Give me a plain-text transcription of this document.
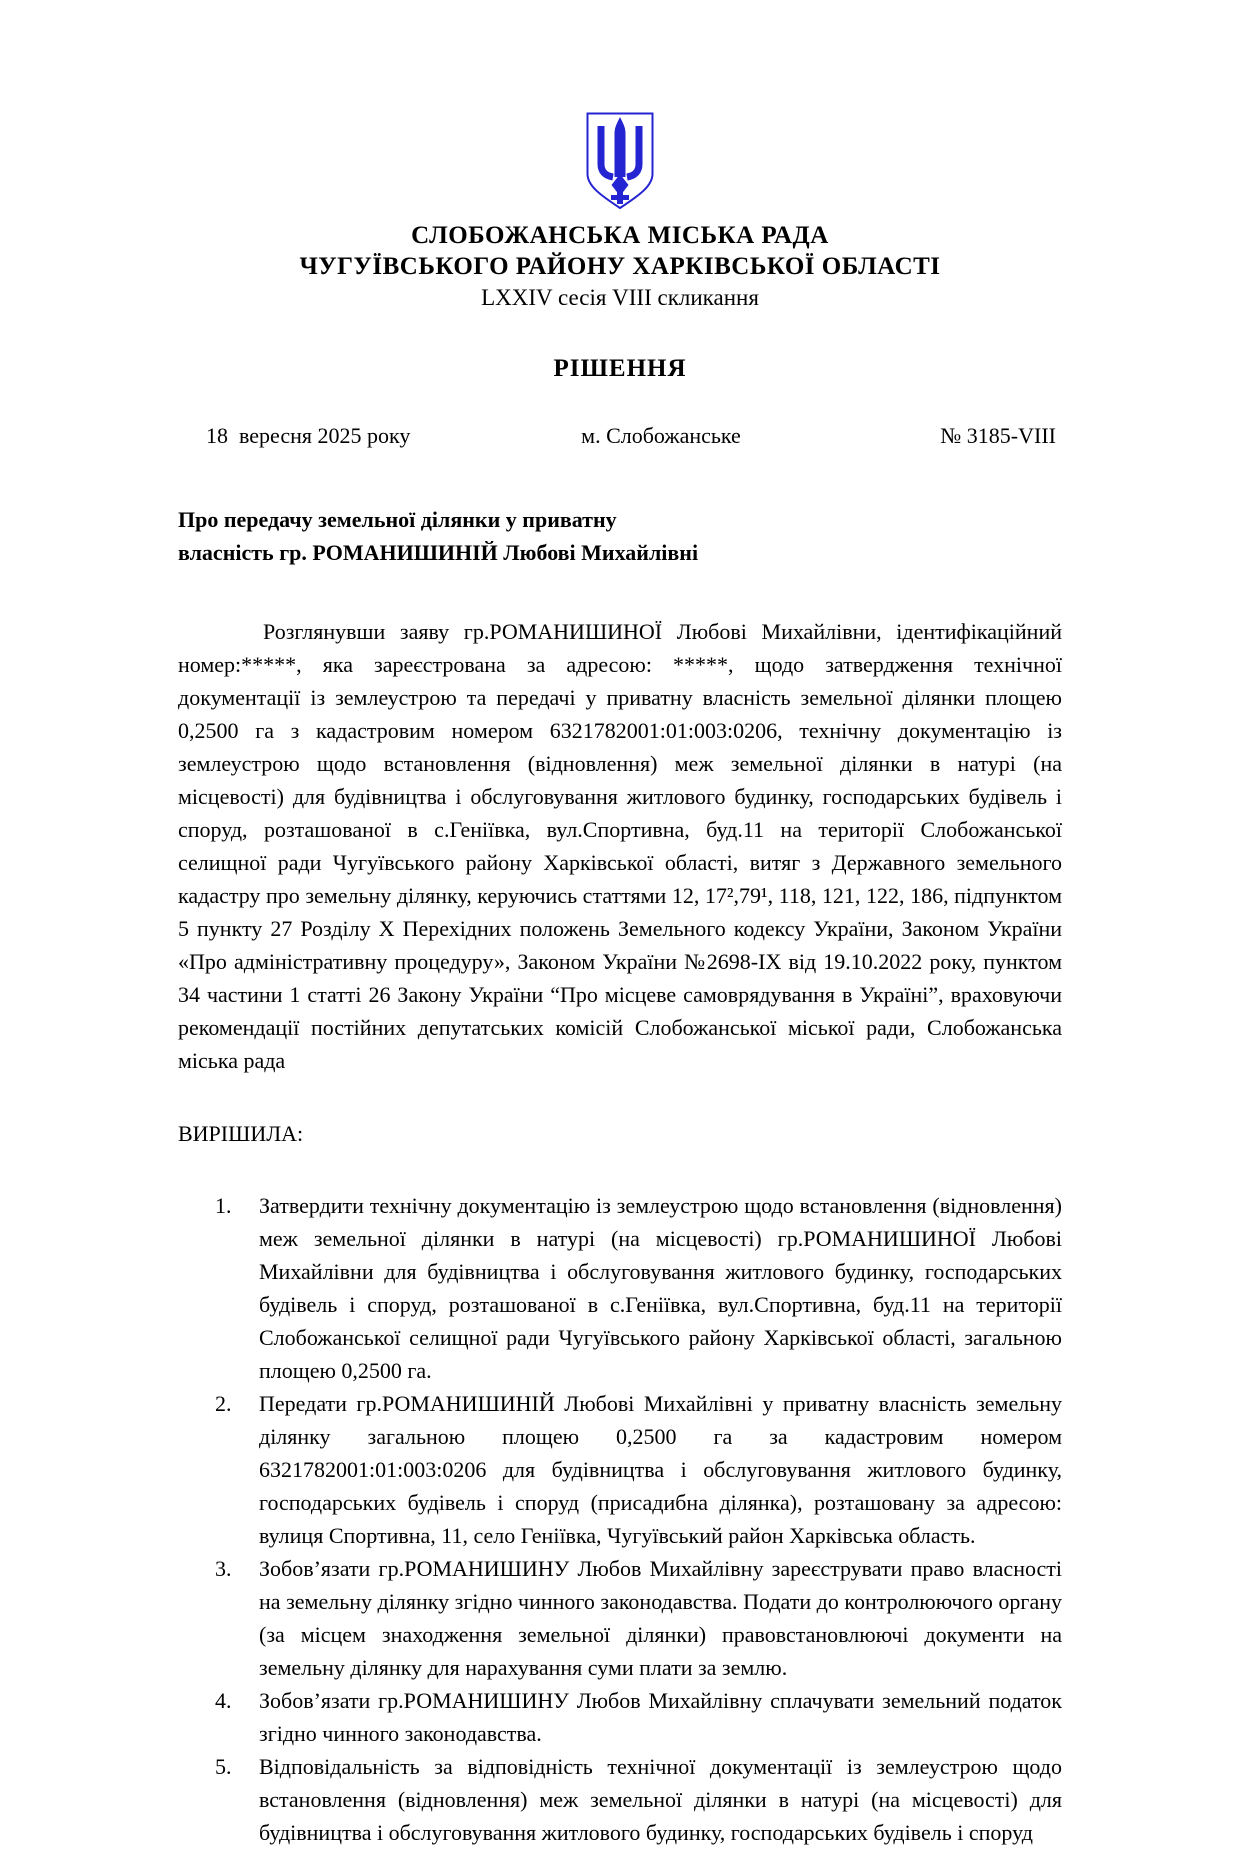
СЛОБОЖАНСЬКА МІСЬКА РАДА
ЧУГУЇВСЬКОГО РАЙОНУ ХАРКІВСЬКОЇ ОБЛАСТІ
LXXIV сесія VIII скликання
РІШЕННЯ
18  вересня 2025 року	м. Слобожанське	№ 3185-VIII
Про передачу земельної ділянки у приватну
власність гр. РОМАНИШИНІЙ Любові Михайлівні

Розглянувши заяву гр.РОМАНИШИНОЇ Любові Михайлівни, ідентифікаційний номер:*****, яка зареєстрована за адресою: *****, щодо затвердження технічної документації із землеустрою та передачі у приватну власність земельної ділянки площею 0,2500 га з кадастровим номером 6321782001:01:003:0206, технічну документацію із землеустрою щодо встановлення (відновлення) меж земельної ділянки в натурі (на місцевості) для будівництва і обслуговування житлового будинку, господарських будівель і споруд, розташованої в с.Геніївка, вул.Спортивна, буд.11 на території Слобожанської селищної ради Чугуївського району Харківської області, витяг з Державного земельного кадастру про земельну ділянку, керуючись статтями 12, 17²,79¹, 118, 121, 122, 186, підпунктом 5 пункту 27 Розділу X Перехідних положень Земельного кодексу України, Законом України «Про адміністративну процедуру», Законом України №2698-IX від 19.10.2022 року, пунктом 34 частини 1 статті 26 Закону України “Про місцеве самоврядування в Україні”, враховуючи рекомендації постійних депутатських комісій Слобожанської міської ради, Слобожанська міська рада

ВИРІШИЛА:
Затвердити технічну документацію із землеустрою щодо встановлення (відновлення) меж земельної ділянки в натурі (на місцевості) гр.РОМАНИШИНОЇ Любові Михайлівни для будівництва і обслуговування житлового будинку, господарських будівель і споруд, розташованої в с.Геніївка, вул.Спортивна, буд.11 на території Слобожанської селищної ради Чугуївського району Харківської області, загальною площею 0,2500 га.
Передати гр.РОМАНИШИНІЙ Любові Михайлівні у приватну власність земельну ділянку загальною площею 0,2500 га за кадастровим номером 6321782001:01:003:0206 для будівництва і обслуговування житлового будинку, господарських будівель і споруд (присадибна ділянка), розташовану за адресою: вулиця Спортивна, 11, село Геніївка, Чугуївський район Харківська область.
Зобов’язати гр.РОМАНИШИНУ Любов Михайлівну зареєструвати право власності на земельну ділянку згідно чинного законодавства. Подати до контролюючого органу (за місцем знаходження земельної ділянки) правовстановлюючі документи на земельну ділянку для нарахування суми плати за землю.
Зобов’язати гр.РОМАНИШИНУ Любов Михайлівну сплачувати земельний податок згідно чинного законодавства.
Відповідальність за відповідність технічної документації із землеустрою щодо встановлення (відновлення) меж земельної ділянки в натурі (на місцевості) для будівництва і обслуговування житлового будинку, господарських будівель і споруд
